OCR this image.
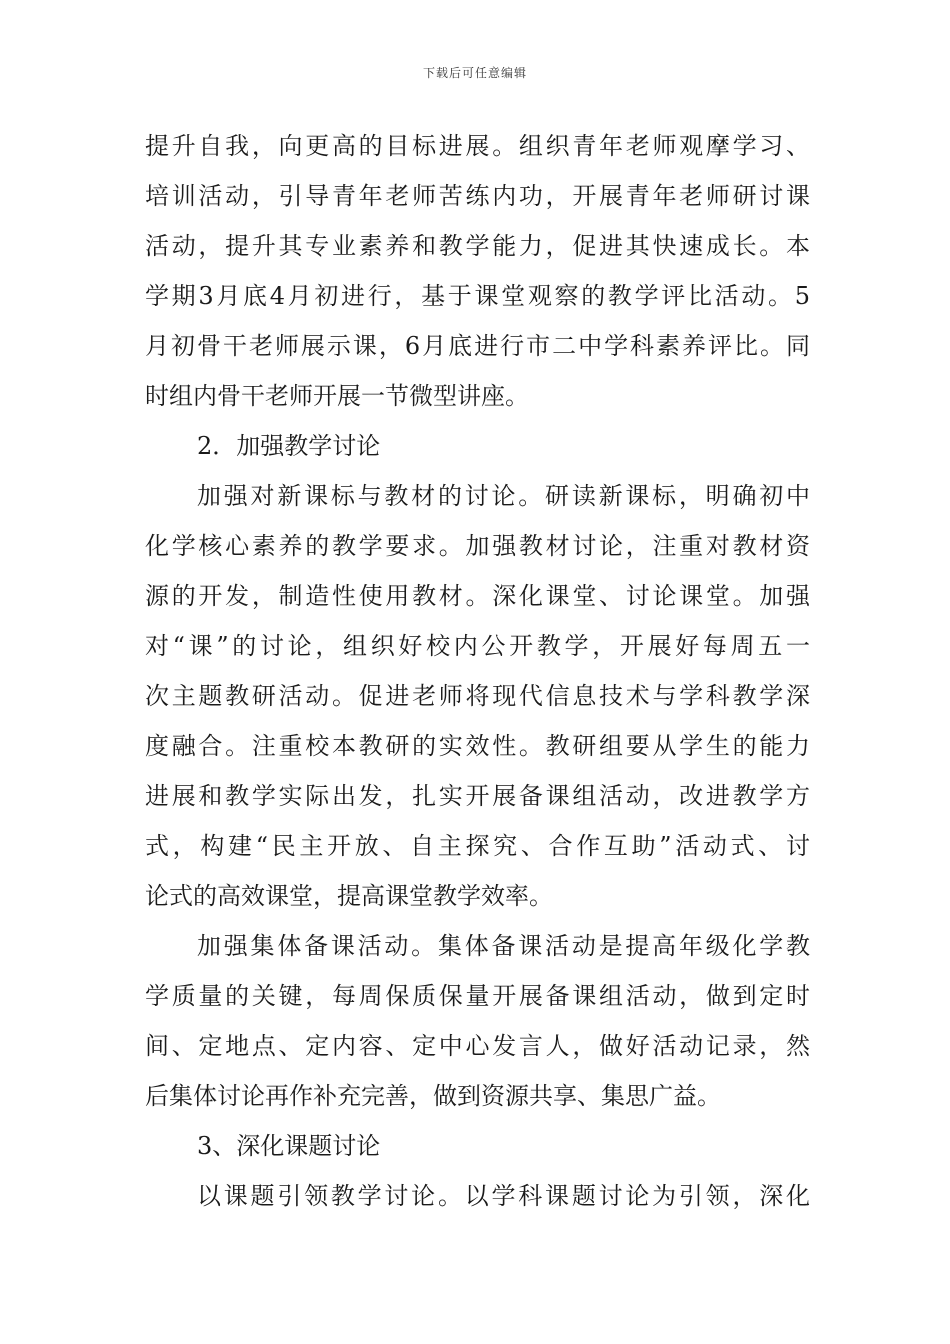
下载后可任意编辑
提升自我，向更高的目标进展。组织青年老师观摩学习、
培训活动，引导青年老师苦练内功，开展青年老师研讨课
活动，提升其专业素养和教学能力，促进其快速成长。本
学期3月底4月初进行，基于课堂观察的教学评比活动。5
月初骨干老师展示课，6月底进行市二中学科素养评比。同
时组内骨干老师开展一节微型讲座。
2．加强教学讨论
加强对新课标与教材的讨论。研读新课标，明确初中
化学核心素养的教学要求。加强教材讨论，注重对教材资
源的开发，制造性使用教材。深化课堂、讨论课堂。加强
对“课”的讨论，组织好校内公开教学，开展好每周五一
次主题教研活动。促进老师将现代信息技术与学科教学深
度融合。注重校本教研的实效性。教研组要从学生的能力
进展和教学实际出发，扎实开展备课组活动，改进教学方
式，构建“民主开放、自主探究、合作互助”活动式、讨
论式的高效课堂，提高课堂教学效率。
加强集体备课活动。集体备课活动是提高年级化学教
学质量的关键，每周保质保量开展备课组活动，做到定时
间、定地点、定内容、定中心发言人，做好活动记录，然
后集体讨论再作补充完善，做到资源共享、集思广益。
3、深化课题讨论
以课题引领教学讨论。以学科课题讨论为引领，深化
